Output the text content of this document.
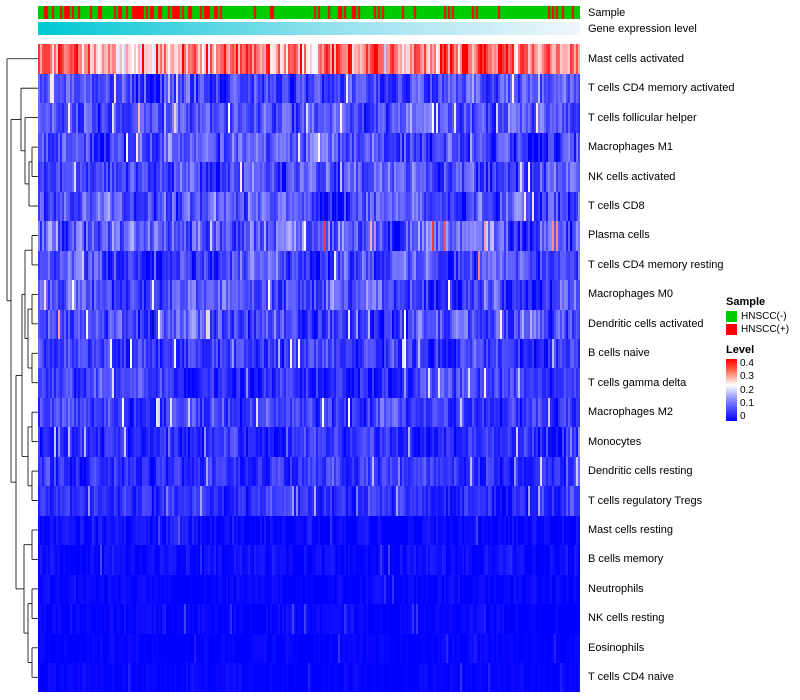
Sample
Gene expression level
Mast cells activated
T cells CD4 memory activated
T cells follicular helper
Macrophages M1
NK cells activated
T cells CD8
Plasma cells
T cells CD4 memory resting
Macrophages M0
Dendritic cells activated
B cells naive
T cells gamma delta
Macrophages M2
Monocytes
Dendritic cells resting
T cells regulatory Tregs
Mast cells resting
B cells memory
Neutrophils
NK cells resting
Eosinophils
T cells CD4 naive
Sample
HNSCC(-)
HNSCC(+)
Level
0.4
0.3
0.2
0.1
0
